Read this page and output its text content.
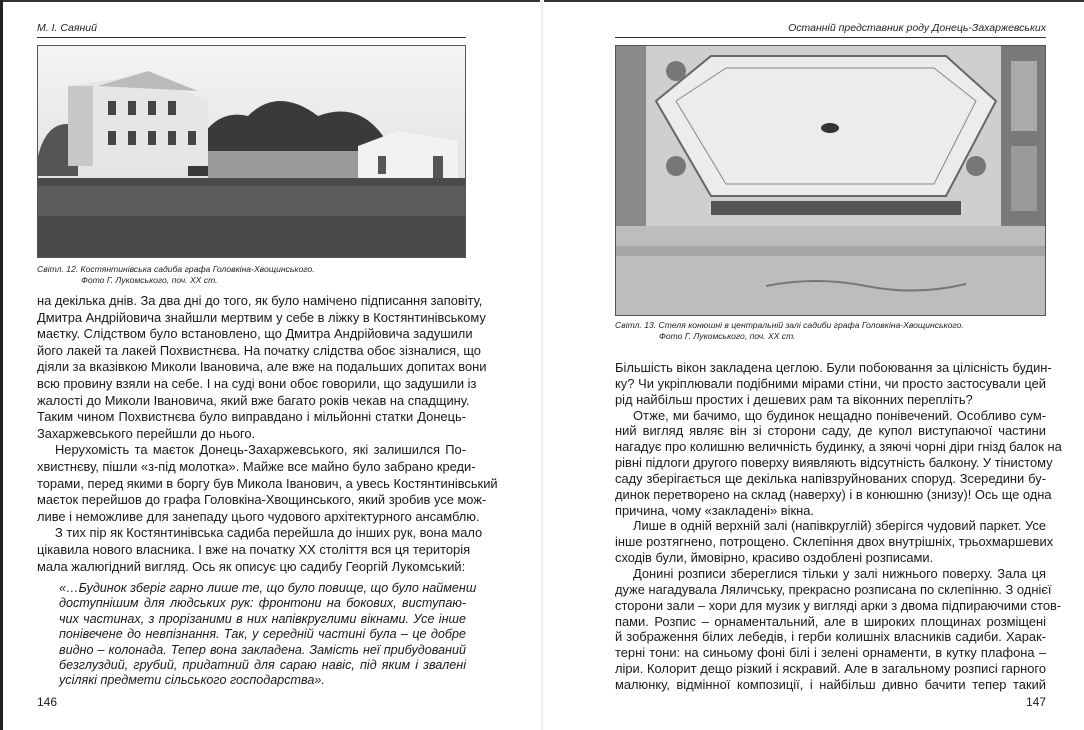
М. І. Саяний
Світл. 12. Костянтинівська садиба графа Головкіна-Хвощинського.
Фото Г. Лукомського, поч. XX ст.
на декілька днів. За два дні до того, як було намічено підписання заповіту,
Дмитра Андрійовича знайшли мертвим у себе в ліжку в Костянтинівському
маєтку. Слідством було встановлено, що Дмитра Андрійовича задушили
його лакей та лакей Похвистнєва. На початку слідства обоє зізналися, що
діяли за вказівкою Миколи Івановича, але вже на подальших допитах вони
всю провину взяли на себе. І на суді вони обоє говорили, що задушили із
жалості до Миколи Івановича, який вже багато років чекав на спадщину.
Таким чином Похвистнєва було виправдано і мільйонні статки Донець-
Захаржевського перейшли до нього.
Нерухомість та маєток Донець-Захаржевського, які залишился По-
хвистнєву, пішли «з-під молотка». Майже все майно було забрано креди-
торами, перед якими в боргу був Микола Іванович, а увесь Костянтинівський
маєток перейшов до графа Головкіна-Хвощинського, який зробив усе мож-
ливе і неможливе для занепаду цього чудового архітектурного ансамблю.
З тих пір як Костянтинівська садиба перейшла до інших рук, вона мало
цікавила нового власника. І вже на початку XX століття вся ця територія
мала жалюгідний вигляд. Ось як описує цю садибу Георгій Лукомський:
«…Будинок зберіг гарно лише те, що було повище, що було найменш
доступнішим для людських рук: фронтони на бокових, виступаю-
чих частинах, з прорізаними в них напівкруглими вікнами. Усе інше
понівечене до невпізнання. Так, у середній частині була – це добре
видно – колонада. Тепер вона закладена. Замість неї прибудований
безглуздий, грубий, придатний для сараю навіс, під яким і звалені
усілякі предмети сільського господарства».
146
Останній представник роду Донець-Захаржевських
Світл. 13. Стеля конюшні в центральній залі садиби графа Головкіна-Хвощинського.
Фото Г. Лукомського, поч. XX ст.
Більшість вікон закладена цеглою. Були побоювання за цілісність будин-
ку? Чи укріплювали подібними мірами стіни, чи просто застосували цей
рід найбільш простих і дешевих рам та віконних перепліть?
Отже, ми бачимо, що будинок нещадно понівечений. Особливо сум-
ний вигляд являє він зі сторони саду, де купол виступаючої частини
нагадує про колишню величність будинку, а зяючі чорні діри гнізд балок на
рівні підлоги другого поверху виявляють відсутність балкону. У тінистому
саду зберігається ще декілька напівзруйнованих споруд. Зсередини бу-
динок перетворено на склад (наверху) і в конюшню (знизу)! Ось ще одна
причина, чому «закладені» вікна.
Лише в одній верхній залі (напівкруглій) зберігся чудовий паркет. Усе
інше розтягнено, потрощено. Склепіння двох внутрішніх, трьохмаршевих
сходів були, ймовірно, красиво оздоблені розписами.
Донині розписи збереглися тільки у залі нижнього поверху. Зала ця
дуже нагадувала Ляличську, прекрасно розписана по склепінню. З однієї
сторони зали – хори для музик у вигляді арки з двома підпираючими стов-
пами. Розпис – орнаментальний, але в широких площинах розміщені
й зображення білих лебедів, і герби колишніх власників садиби. Харак-
терні тони: на синьому фоні білі і зелені орнаменти, в кутку плафона –
ліри. Колорит дещо різкий і яскравий. Але в загальному розписі гарного
малюнку, відмінної композиції, і найбільш дивно бачити тепер такий
147
